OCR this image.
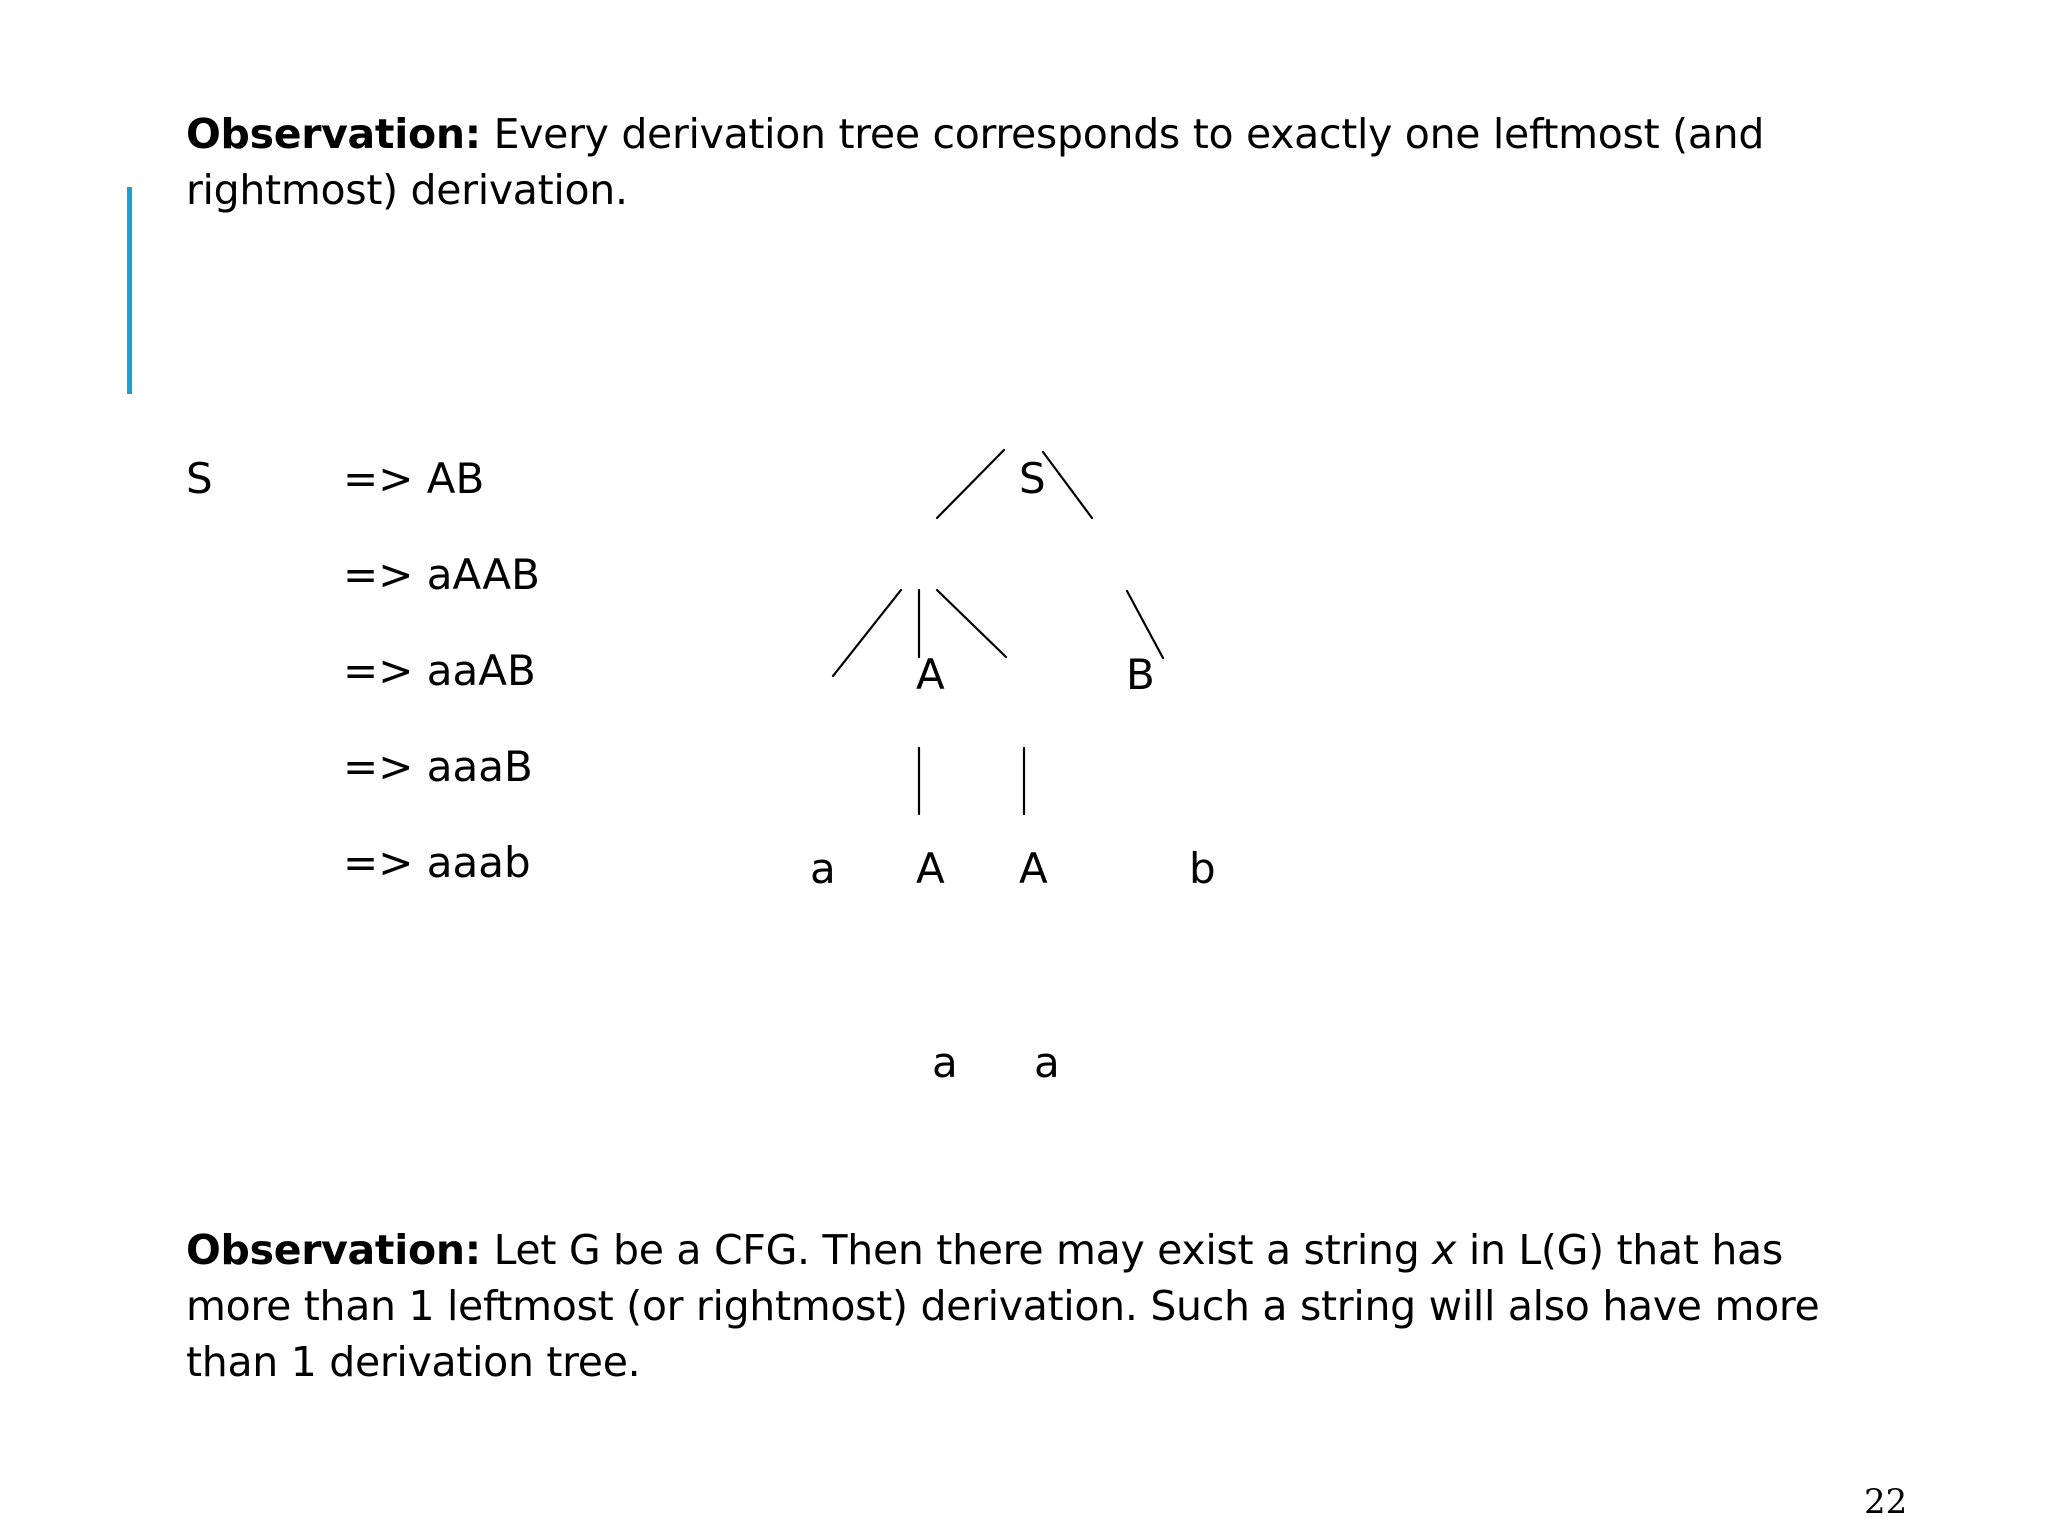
Observation: Every derivation tree corresponds to exactly one leftmost (and rightmost) derivation.

S	=> AB
=> aAAB
=> aaAB
=> aaaB
=> aaab
S
A	B
a A A	b
a a

Observation: Let G be a CFG. Then there may exist a string x in L(G) that has more than 1 leftmost (or rightmost) derivation. Such a string will also have more than 1 derivation tree.

22
